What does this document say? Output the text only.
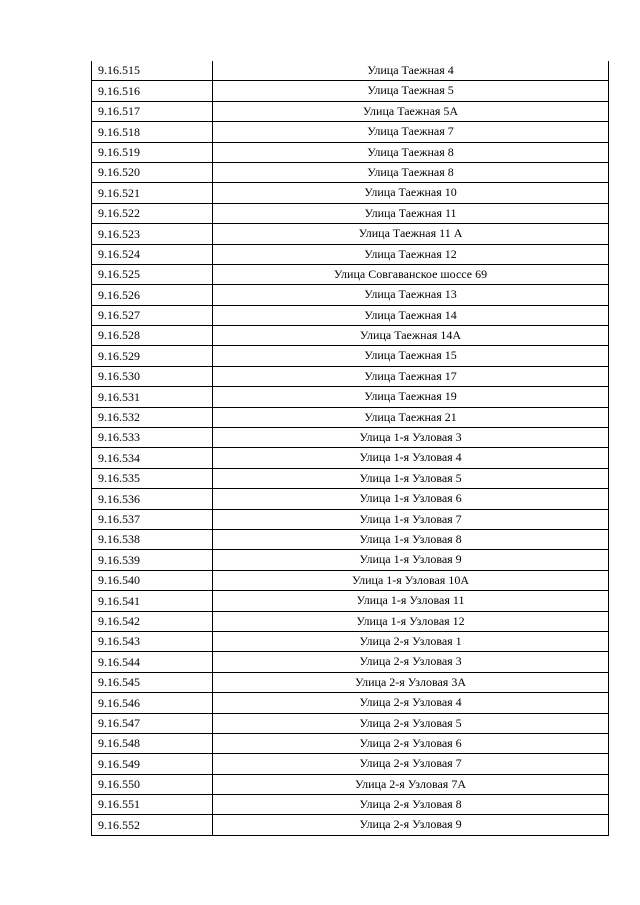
9.16.515	Улица Таежная 4
9.16.516	Улица Таежная 5
9.16.517	Улица Таежная 5А
9.16.518	Улица Таежная 7
9.16.519	Улица Таежная 8
9.16.520	Улица Таежная 8
9.16.521	Улица Таежная 10
9.16.522	Улица Таежная 11
9.16.523	Улица Таежная 11 А
9.16.524	Улица Таежная 12
9.16.525	Улица Совгаванское шоссе 69
9.16.526	Улица Таежная 13
9.16.527	Улица Таежная 14
9.16.528	Улица Таежная 14А
9.16.529	Улица Таежная 15
9.16.530	Улица Таежная 17
9.16.531	Улица Таежная 19
9.16.532	Улица Таежная 21
9.16.533	Улица 1-я Узловая 3
9.16.534	Улица 1-я Узловая 4
9.16.535	Улица 1-я Узловая 5
9.16.536	Улица 1-я Узловая 6
9.16.537	Улица 1-я Узловая 7
9.16.538	Улица 1-я Узловая 8
9.16.539	Улица 1-я Узловая 9
9.16.540	Улица 1-я Узловая 10А
9.16.541	Улица 1-я Узловая 11
9.16.542	Улица 1-я Узловая 12
9.16.543	Улица 2-я Узловая 1
9.16.544	Улица 2-я Узловая 3
9.16.545	Улица 2-я Узловая 3А
9.16.546	Улица 2-я Узловая 4
9.16.547	Улица 2-я Узловая 5
9.16.548	Улица 2-я Узловая 6
9.16.549	Улица 2-я Узловая 7
9.16.550	Улица 2-я Узловая 7А
9.16.551	Улица 2-я Узловая 8
9.16.552	Улица 2-я Узловая 9
